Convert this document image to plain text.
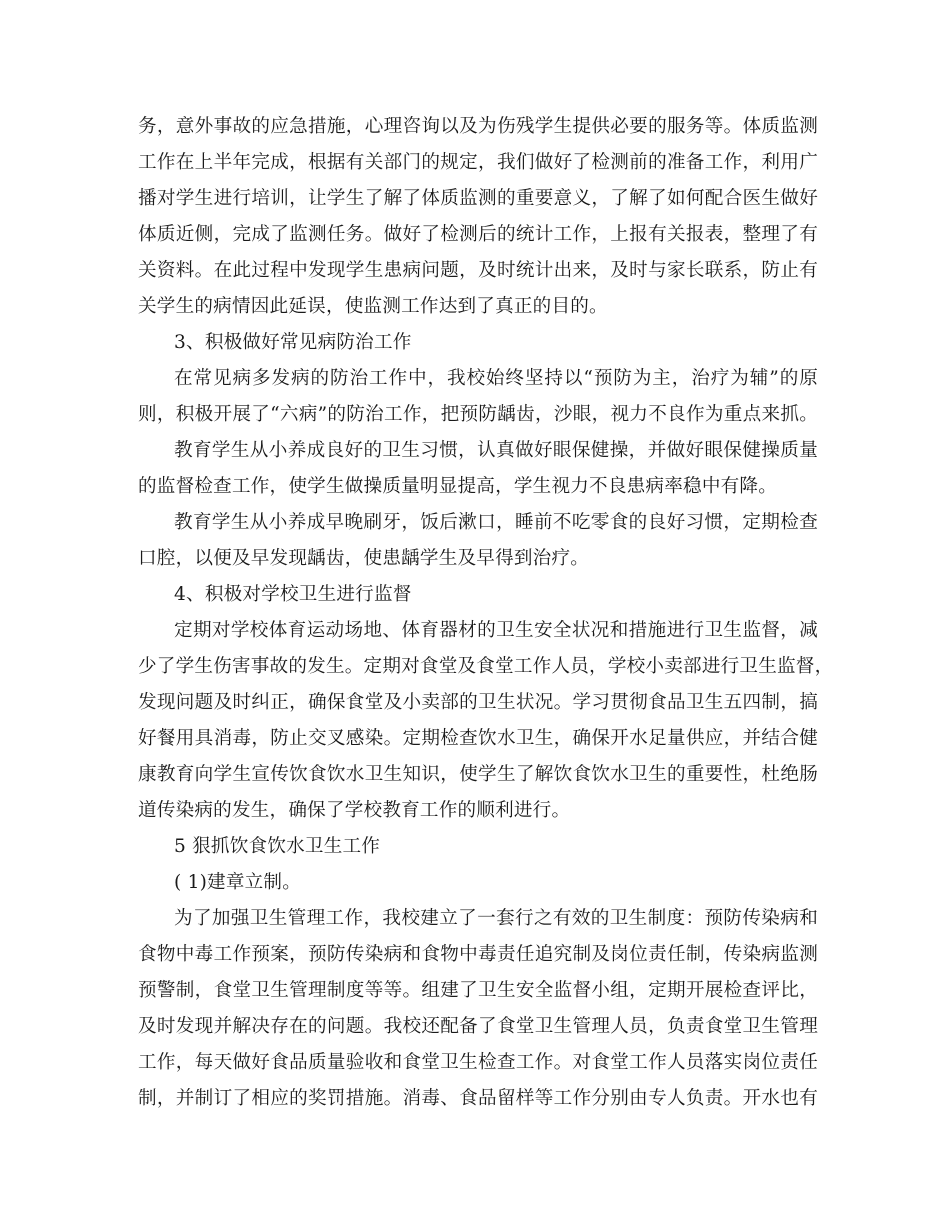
务，意外事故的应急措施，心理咨询以及为伤残学生提供必要的服务等。体质监测
工作在上半年完成，根据有关部门的规定，我们做好了检测前的准备工作，利用广
播对学生进行培训，让学生了解了体质监测的重要意义，了解了如何配合医生做好
体质近侧，完成了监测任务。做好了检测后的统计工作，上报有关报表，整理了有
关资料。在此过程中发现学生患病问题，及时统计出来，及时与家长联系，防止有
关学生的病情因此延误，使监测工作达到了真正的目的。
3、积极做好常见病防治工作
在常见病多发病的防治工作中，我校始终坚持以“预防为主，治疗为辅”的原
则，积极开展了“六病”的防治工作，把预防龋齿，沙眼，视力不良作为重点来抓。
教育学生从小养成良好的卫生习惯，认真做好眼保健操，并做好眼保健操质量
的监督检查工作，使学生做操质量明显提高，学生视力不良患病率稳中有降。
教育学生从小养成早晚刷牙，饭后漱口，睡前不吃零食的良好习惯，定期检查
口腔，以便及早发现龋齿，使患龋学生及早得到治疗。
4、积极对学校卫生进行监督
定期对学校体育运动场地、体育器材的卫生安全状况和措施进行卫生监督，减
少了学生伤害事故的发生。定期对食堂及食堂工作人员，学校小卖部进行卫生监督，
发现问题及时纠正，确保食堂及小卖部的卫生状况。学习贯彻食品卫生五四制，搞
好餐用具消毒，防止交叉感染。定期检查饮水卫生，确保开水足量供应，并结合健
康教育向学生宣传饮食饮水卫生知识，使学生了解饮食饮水卫生的重要性，杜绝肠
道传染病的发生，确保了学校教育工作的顺利进行。
5 狠抓饮食饮水卫生工作
( 1)建章立制。
为了加强卫生管理工作，我校建立了一套行之有效的卫生制度：预防传染病和
食物中毒工作预案，预防传染病和食物中毒责任追究制及岗位责任制，传染病监测
预警制，食堂卫生管理制度等等。组建了卫生安全监督小组，定期开展检查评比，
及时发现并解决存在的问题。我校还配备了食堂卫生管理人员，负责食堂卫生管理
工作，每天做好食品质量验收和食堂卫生检查工作。对食堂工作人员落实岗位责任
制，并制订了相应的奖罚措施。消毒、食品留样等工作分别由专人负责。开水也有
